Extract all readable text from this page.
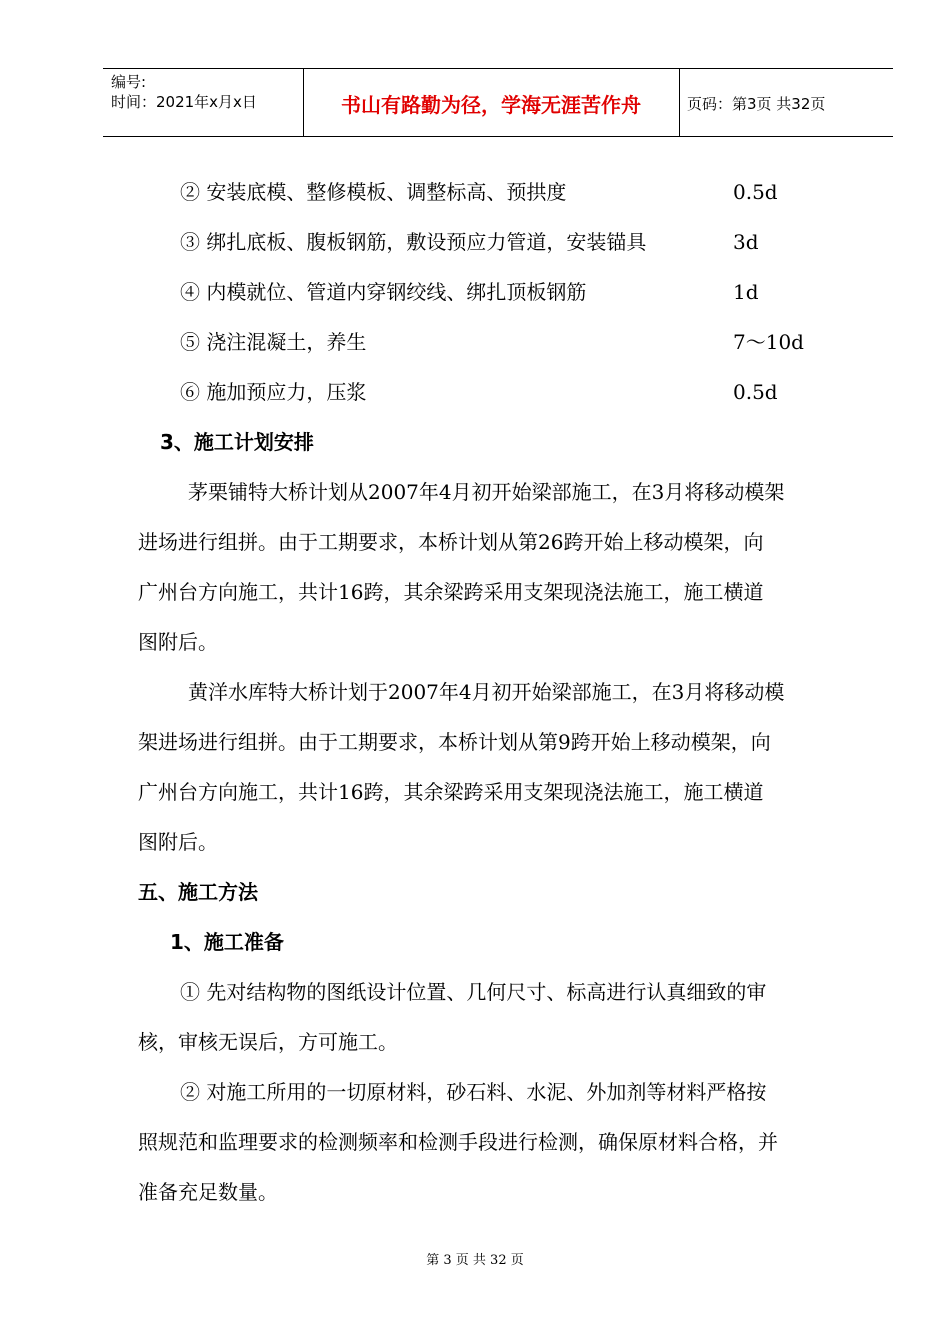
编号:
时间：2021年x月x日	书山有路勤为径，学海无涯苦作舟	页码：第3页 共32页
② 安装底模、整修模板、调整标高、预拱度	0.5d
③ 绑扎底板、腹板钢筋，敷设预应力管道，安装锚具	3d
④ 内模就位、管道内穿钢绞线、绑扎顶板钢筋	1d
⑤ 浇注混凝土，养生	7～10d
⑥ 施加预应力，压浆	0.5d
3、施工计划安排
茅栗铺特大桥计划从2007年4月初开始梁部施工，在3月将移动模架
进场进行组拼。由于工期要求，本桥计划从第26跨开始上移动模架，向
广州台方向施工，共计16跨，其余梁跨采用支架现浇法施工，施工横道
图附后。
黄洋水库特大桥计划于2007年4月初开始梁部施工，在3月将移动模
架进场进行组拼。由于工期要求，本桥计划从第9跨开始上移动模架，向
广州台方向施工，共计16跨，其余梁跨采用支架现浇法施工，施工横道
图附后。
五、施工方法
1、施工准备
① 先对结构物的图纸设计位置、几何尺寸、标高进行认真细致的审
核，审核无误后，方可施工。
② 对施工所用的一切原材料，砂石料、水泥、外加剂等材料严格按
照规范和监理要求的检测频率和检测手段进行检测，确保原材料合格，并
准备充足数量。
第 3 页 共 32 页
